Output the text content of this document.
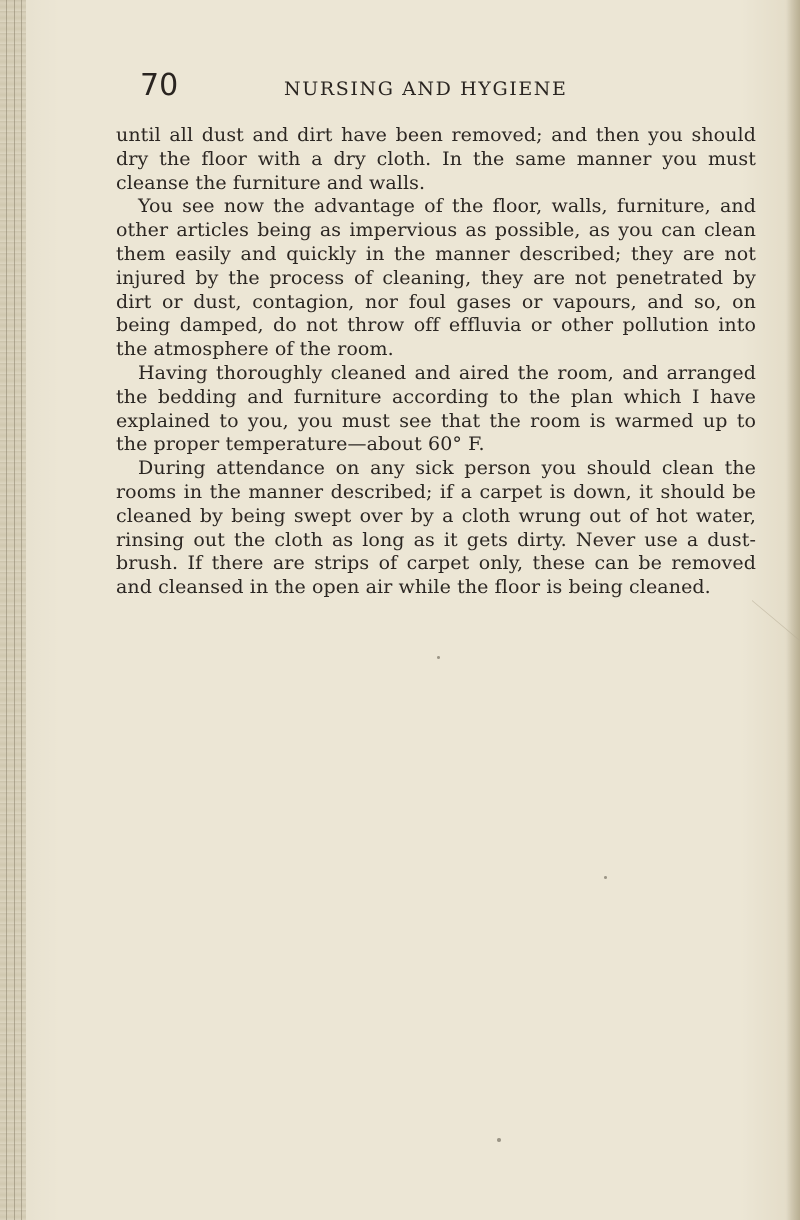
70	NURSING AND HYGIENE

until all dust and dirt have been removed; and then you should dry the floor with a dry cloth. In the same manner you must cleanse the furniture and walls.

You see now the advantage of the floor, walls, furniture, and other articles being as impervious as possible, as you can clean them easily and quickly in the manner described; they are not injured by the process of cleaning, they are not penetrated by dirt or dust, contagion, nor foul gases or vapours, and so, on being damped, do not throw off effluvia or other pollution into the atmosphere of the room.

Having thoroughly cleaned and aired the room, and arranged the bedding and furniture according to the plan which I have explained to you, you must see that the room is warmed up to the proper temperature—about 60° F.

During attendance on any sick person you should clean the rooms in the manner described; if a carpet is down, it should be cleaned by being swept over by a cloth wrung out of hot water, rinsing out the cloth as long as it gets dirty. Never use a dust-brush. If there are strips of carpet only, these can be removed and cleansed in the open air while the floor is being cleaned.
